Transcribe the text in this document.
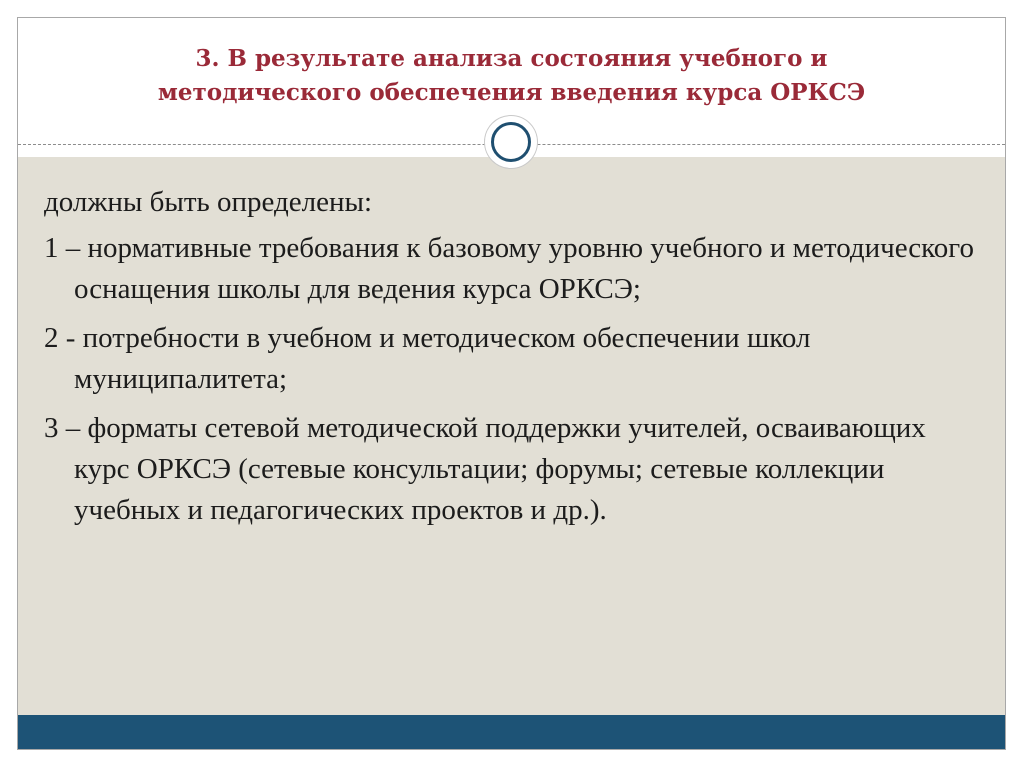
3. В результате анализа состояния учебного и
методического обеспечения введения курса ОРКСЭ

должны быть определены:

1 – нормативные требования к базовому уровню учебного и методического оснащения школы для ведения курса ОРКСЭ;

2 - потребности в учебном и методическом обеспечении школ муниципалитета;

3 – форматы сетевой методической поддержки учителей, осваивающих курс ОРКСЭ (сетевые консультации; форумы; сетевые коллекции учебных и педагогических проектов и др.).
